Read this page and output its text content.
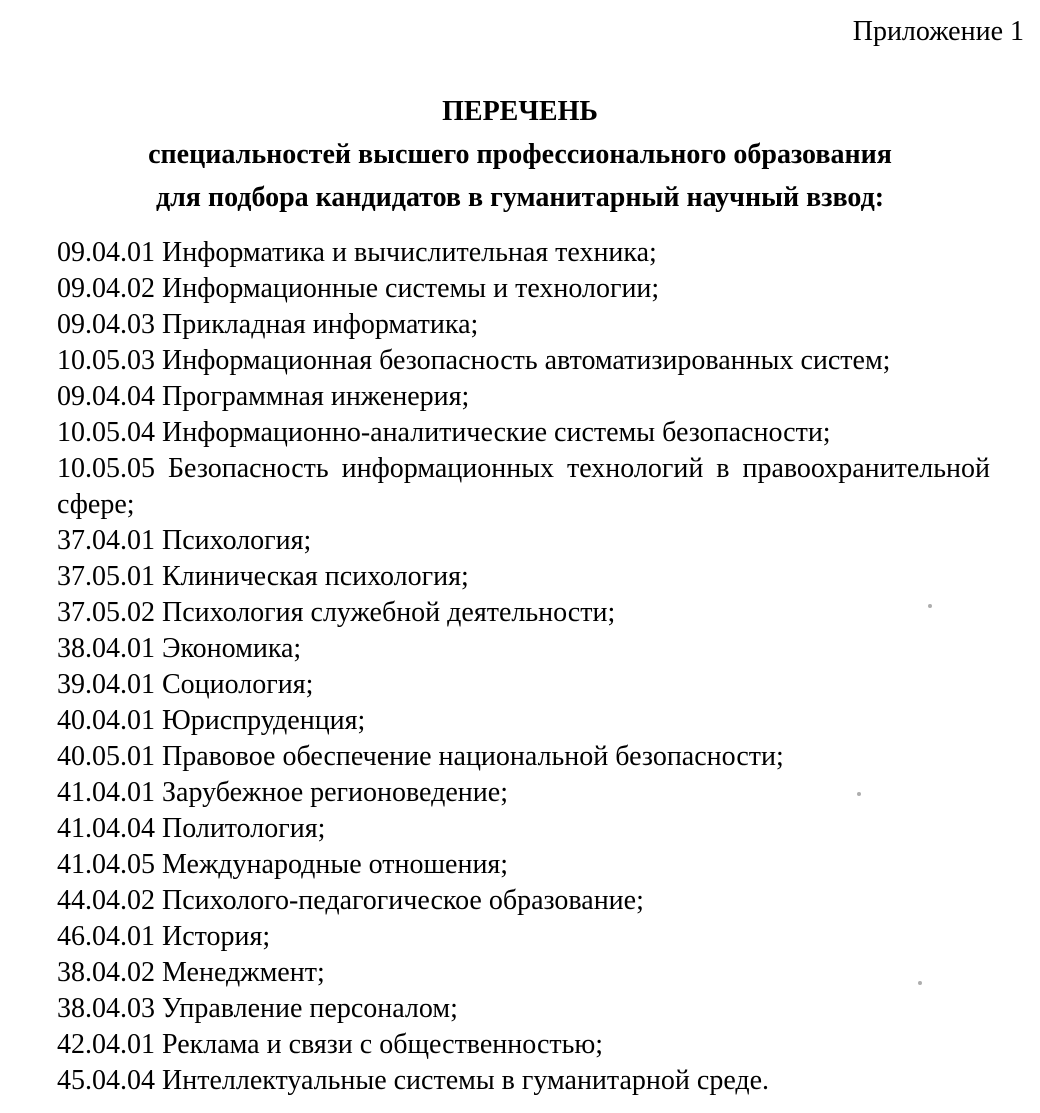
Приложение 1
ПЕРЕЧЕНЬ
специальностей высшего профессионального образования
для подбора кандидатов в гуманитарный научный взвод:
09.04.01 Информатика и вычислительная техника;
09.04.02 Информационные системы и технологии;
09.04.03 Прикладная информатика;
10.05.03 Информационная безопасность автоматизированных систем;
09.04.04 Программная инженерия;
10.05.04 Информационно-аналитические системы безопасности;
10.05.05 Безопасность информационных технологий в правоохранительной сфере;
37.04.01 Психология;
37.05.01 Клиническая психология;
37.05.02 Психология служебной деятельности;
38.04.01 Экономика;
39.04.01 Социология;
40.04.01 Юриспруденция;
40.05.01 Правовое обеспечение национальной безопасности;
41.04.01 Зарубежное регионоведение;
41.04.04 Политология;
41.04.05 Международные отношения;
44.04.02 Психолого-педагогическое образование;
46.04.01 История;
38.04.02 Менеджмент;
38.04.03 Управление персоналом;
42.04.01 Реклама и связи с общественностью;
45.04.04 Интеллектуальные системы в гуманитарной среде.
